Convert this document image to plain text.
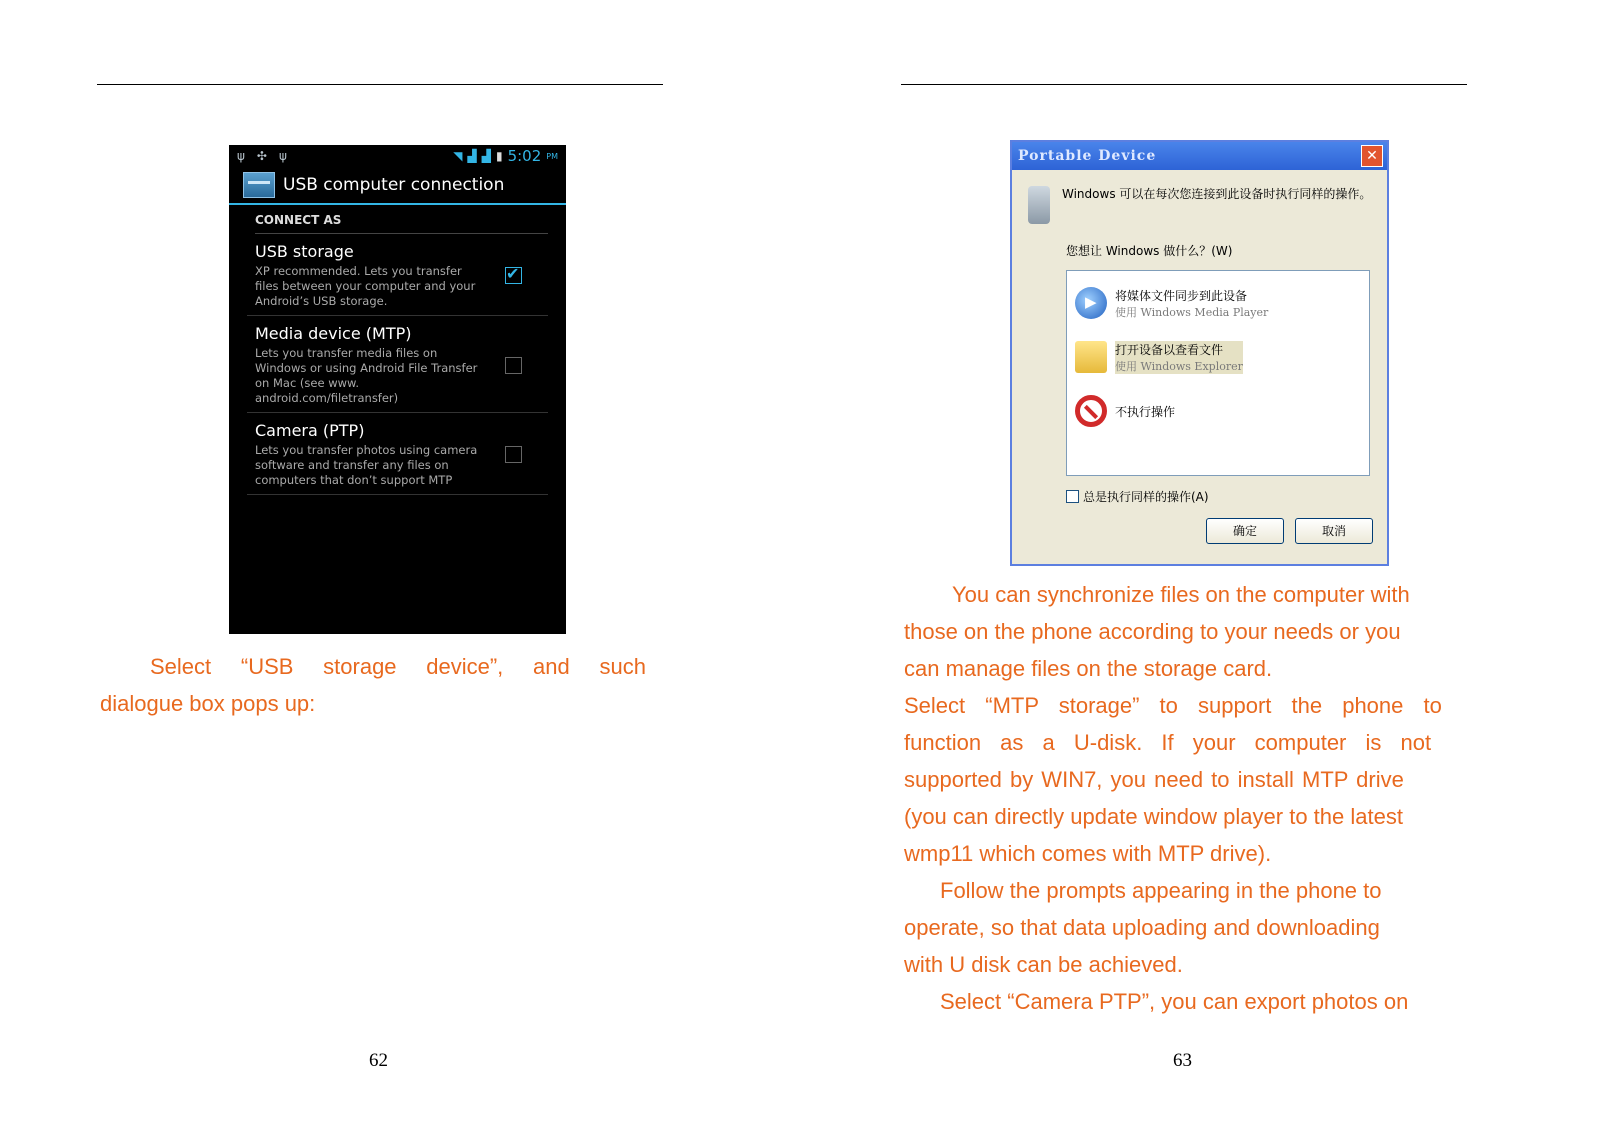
ψ ✣ ψ	◥ ▟ ▟ ▮ 5:02 PM
USB computer connection
CONNECT AS
USB storage
XP recommended. Lets you transfer files between your computer and your Android’s USB storage.
✔
Media device (MTP)
Lets you transfer media files on Windows or using Android File Transfer on Mac (see www. android.com/filetransfer)
Camera (PTP)
Lets you transfer photos using camera software and transfer any files on computers that don’t support MTP
Select “USB storage device”, and such
dialogue box pops up:
62
Portable Device	✕
Windows 可以在每次您连接到此设备时执行同样的操作。
您想让 Windows 做什么？(W)
▶
将媒体文件同步到此设备
使用 Windows Media Player
打开设备以查看文件
使用 Windows Explorer
不执行操作
总是执行同样的操作(A)
确定	取消
You can synchronize files on the computer with
those on the phone according to your needs or you
can manage files on the storage card.
Select “MTP storage” to support the phone to
function as a U-disk. If your computer is not
supported by WIN7, you need to install MTP drive
(you can directly update window player to the latest
wmp11 which comes with MTP drive).
Follow the prompts appearing in the phone to
operate, so that data uploading and downloading
with U disk can be achieved.
Select “Camera PTP”, you can export photos on
63
